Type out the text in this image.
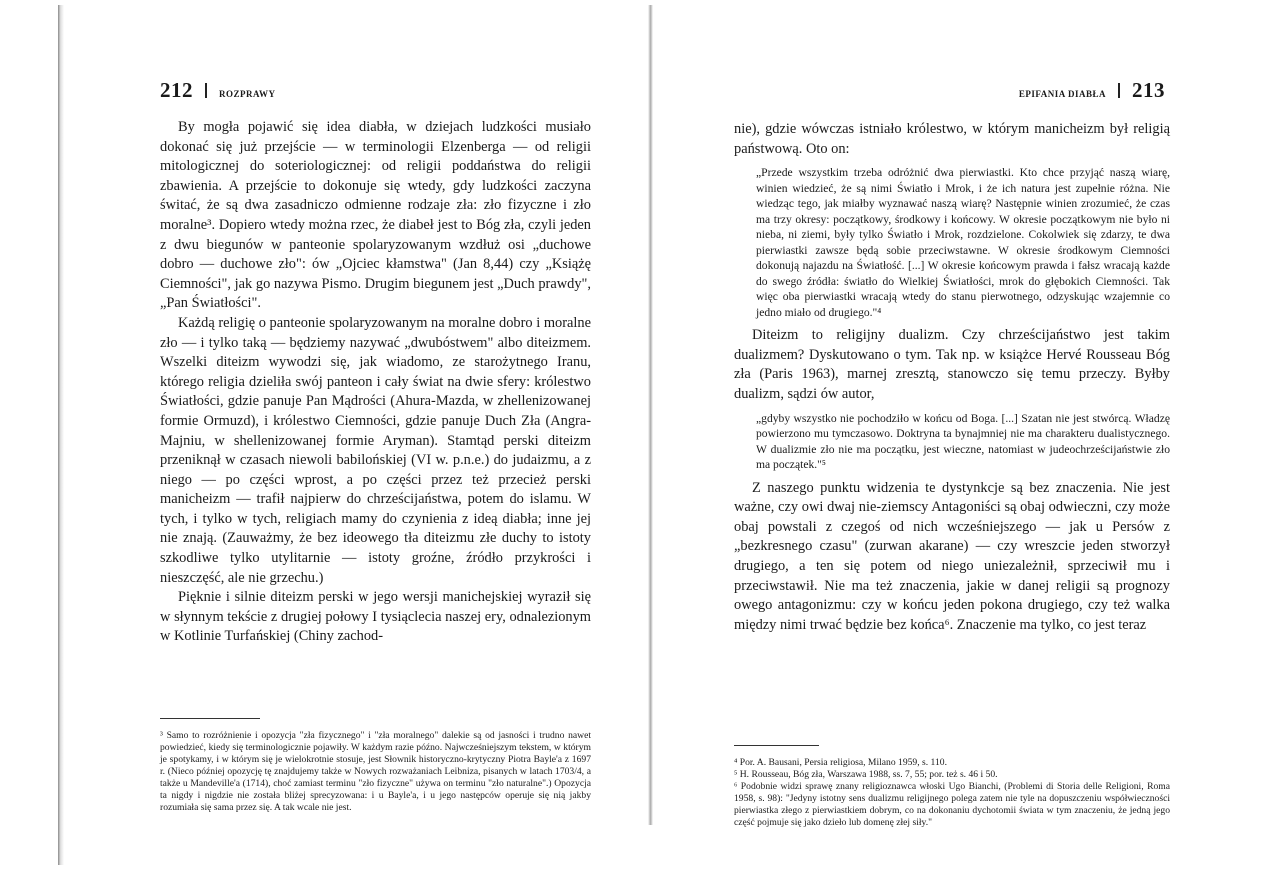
212	ROZPRAWY

By mogła pojawić się idea diabła, w dziejach ludzkości musiało dokonać się już przejście — w terminologii Elzenberga — od religii mitologicznej do soteriologicznej: od religii poddaństwa do religii zbawienia. A przejście to dokonuje się wtedy, gdy ludzkości zaczyna świtać, że są dwa zasadniczo odmienne rodzaje zła: zło fizyczne i zło moralne³. Dopiero wtedy można rzec, że diabeł jest to Bóg zła, czyli jeden z dwu biegunów w panteonie spolaryzowanym wzdłuż osi „duchowe dobro — duchowe zło": ów „Ojciec kłamstwa" (Jan 8,44) czy „Książę Ciemności", jak go nazywa Pismo. Drugim biegunem jest „Duch prawdy", „Pan Światłości".

Każdą religię o panteonie spolaryzowanym na moralne dobro i moralne zło — i tylko taką — będziemy nazywać „dwubóstwem" albo diteizmem. Wszelki diteizm wywodzi się, jak wiadomo, ze starożytnego Iranu, którego religia dzieliła swój panteon i cały świat na dwie sfery: królestwo Światłości, gdzie panuje Pan Mądrości (Ahura-Mazda, w zhellenizowanej formie Ormuzd), i królestwo Ciemności, gdzie panuje Duch Zła (Angra-Majniu, w shellenizowanej formie Aryman). Stamtąd perski diteizm przeniknął w czasach niewoli babilońskiej (VI w. p.n.e.) do judaizmu, a z niego — po części wprost, a po części przez też przecież perski manicheizm — trafił najpierw do chrześcijaństwa, potem do islamu. W tych, i tylko w tych, religiach mamy do czynienia z ideą diabła; inne jej nie znają. (Zauważmy, że bez ideowego tła diteizmu złe duchy to istoty szkodliwe tylko utylitarnie — istoty groźne, źródło przykrości i nieszczęść, ale nie grzechu.)

Pięknie i silnie diteizm perski w jego wersji manichejskiej wyraził się w słynnym tekście z drugiej połowy I tysiąclecia naszej ery, odnalezionym w Kotlinie Turfańskiej (Chiny zachod-

³ Samo to rozróżnienie i opozycja "zła fizycznego" i "zła moralnego" dalekie są od jasności i trudno nawet powiedzieć, kiedy się terminologicznie pojawiły. W każdym razie późno. Najwcześniejszym tekstem, w którym je spotykamy, i w którym się je wielokrotnie stosuje, jest Słownik historyczno-krytyczny Piotra Bayle'a z 1697 r. (Nieco później opozycję tę znajdujemy także w Nowych rozważaniach Leibniza, pisanych w latach 1703/4, a także u Mandeville'a (1714), choć zamiast terminu "zło fizyczne" używa on terminu "zło naturalne".) Opozycja ta nigdy i nigdzie nie została bliżej sprecyzowana: i u Bayle'a, i u jego następców operuje się nią jakby rozumiała się sama przez się. A tak wcale nie jest.

EPIFANIA DIABŁA 213

nie), gdzie wówczas istniało królestwo, w którym manicheizm był religią państwową. Oto on:

„Przede wszystkim trzeba odróżnić dwa pierwiastki. Kto chce przyjąć naszą wiarę, winien wiedzieć, że są nimi Światło i Mrok, i że ich natura jest zupełnie różna. Nie wiedząc tego, jak miałby wyznawać naszą wiarę? Następnie winien zrozumieć, że czas ma trzy okresy: początkowy, środkowy i końcowy. W okresie początkowym nie było ni nieba, ni ziemi, były tylko Światło i Mrok, rozdzielone. Cokolwiek się zdarzy, te dwa pierwiastki zawsze będą sobie przeciwstawne. W okresie środkowym Ciemności dokonują najazdu na Światłość. [...] W okresie końcowym prawda i fałsz wracają każde do swego źródła: światło do Wielkiej Światłości, mrok do głębokich Ciemności. Tak więc oba pierwiastki wracają wtedy do stanu pierwotnego, odzyskując wzajemnie co jedno miało od drugiego."⁴

Diteizm to religijny dualizm. Czy chrześcijaństwo jest takim dualizmem? Dyskutowano o tym. Tak np. w książce Hervé Rousseau Bóg zła (Paris 1963), marnej zresztą, stanowczo się temu przeczy. Byłby dualizm, sądzi ów autor,

„gdyby wszystko nie pochodziło w końcu od Boga. [...] Szatan nie jest stwórcą. Władzę powierzono mu tymczasowo. Doktryna ta bynajmniej nie ma charakteru dualistycznego. W dualizmie zło nie ma początku, jest wieczne, natomiast w judeochrześcijaństwie zło ma początek."⁵

Z naszego punktu widzenia te dystynkcje są bez znaczenia. Nie jest ważne, czy owi dwaj nie-ziemscy Antagoniści są obaj odwieczni, czy może obaj powstali z czegoś od nich wcześniejszego — jak u Persów z „bezkresnego czasu" (zurwan akarane) — czy wreszcie jeden stworzył drugiego, a ten się potem od niego uniezależnił, sprzeciwił mu i przeciwstawił. Nie ma też znaczenia, jakie w danej religii są prognozy owego antagonizmu: czy w końcu jeden pokona drugiego, czy też walka między nimi trwać będzie bez końca⁶. Znaczenie ma tylko, co jest teraz

⁴ Por. A. Bausani, Persia religiosa, Milano 1959, s. 110.

⁵ H. Rousseau, Bóg zła, Warszawa 1988, ss. 7, 55; por. też s. 46 i 50.

⁶ Podobnie widzi sprawę znany religioznawca włoski Ugo Bianchi, (Problemi di Storia delle Religioni, Roma 1958, s. 98): "Jedyny istotny sens dualizmu religijnego polega zatem nie tyle na dopuszczeniu współwieczności pierwiastka złego z pierwiastkiem dobrym, co na dokonaniu dychotomii świata w tym znaczeniu, że jedną jego część pojmuje się jako dzieło lub domenę złej siły."
